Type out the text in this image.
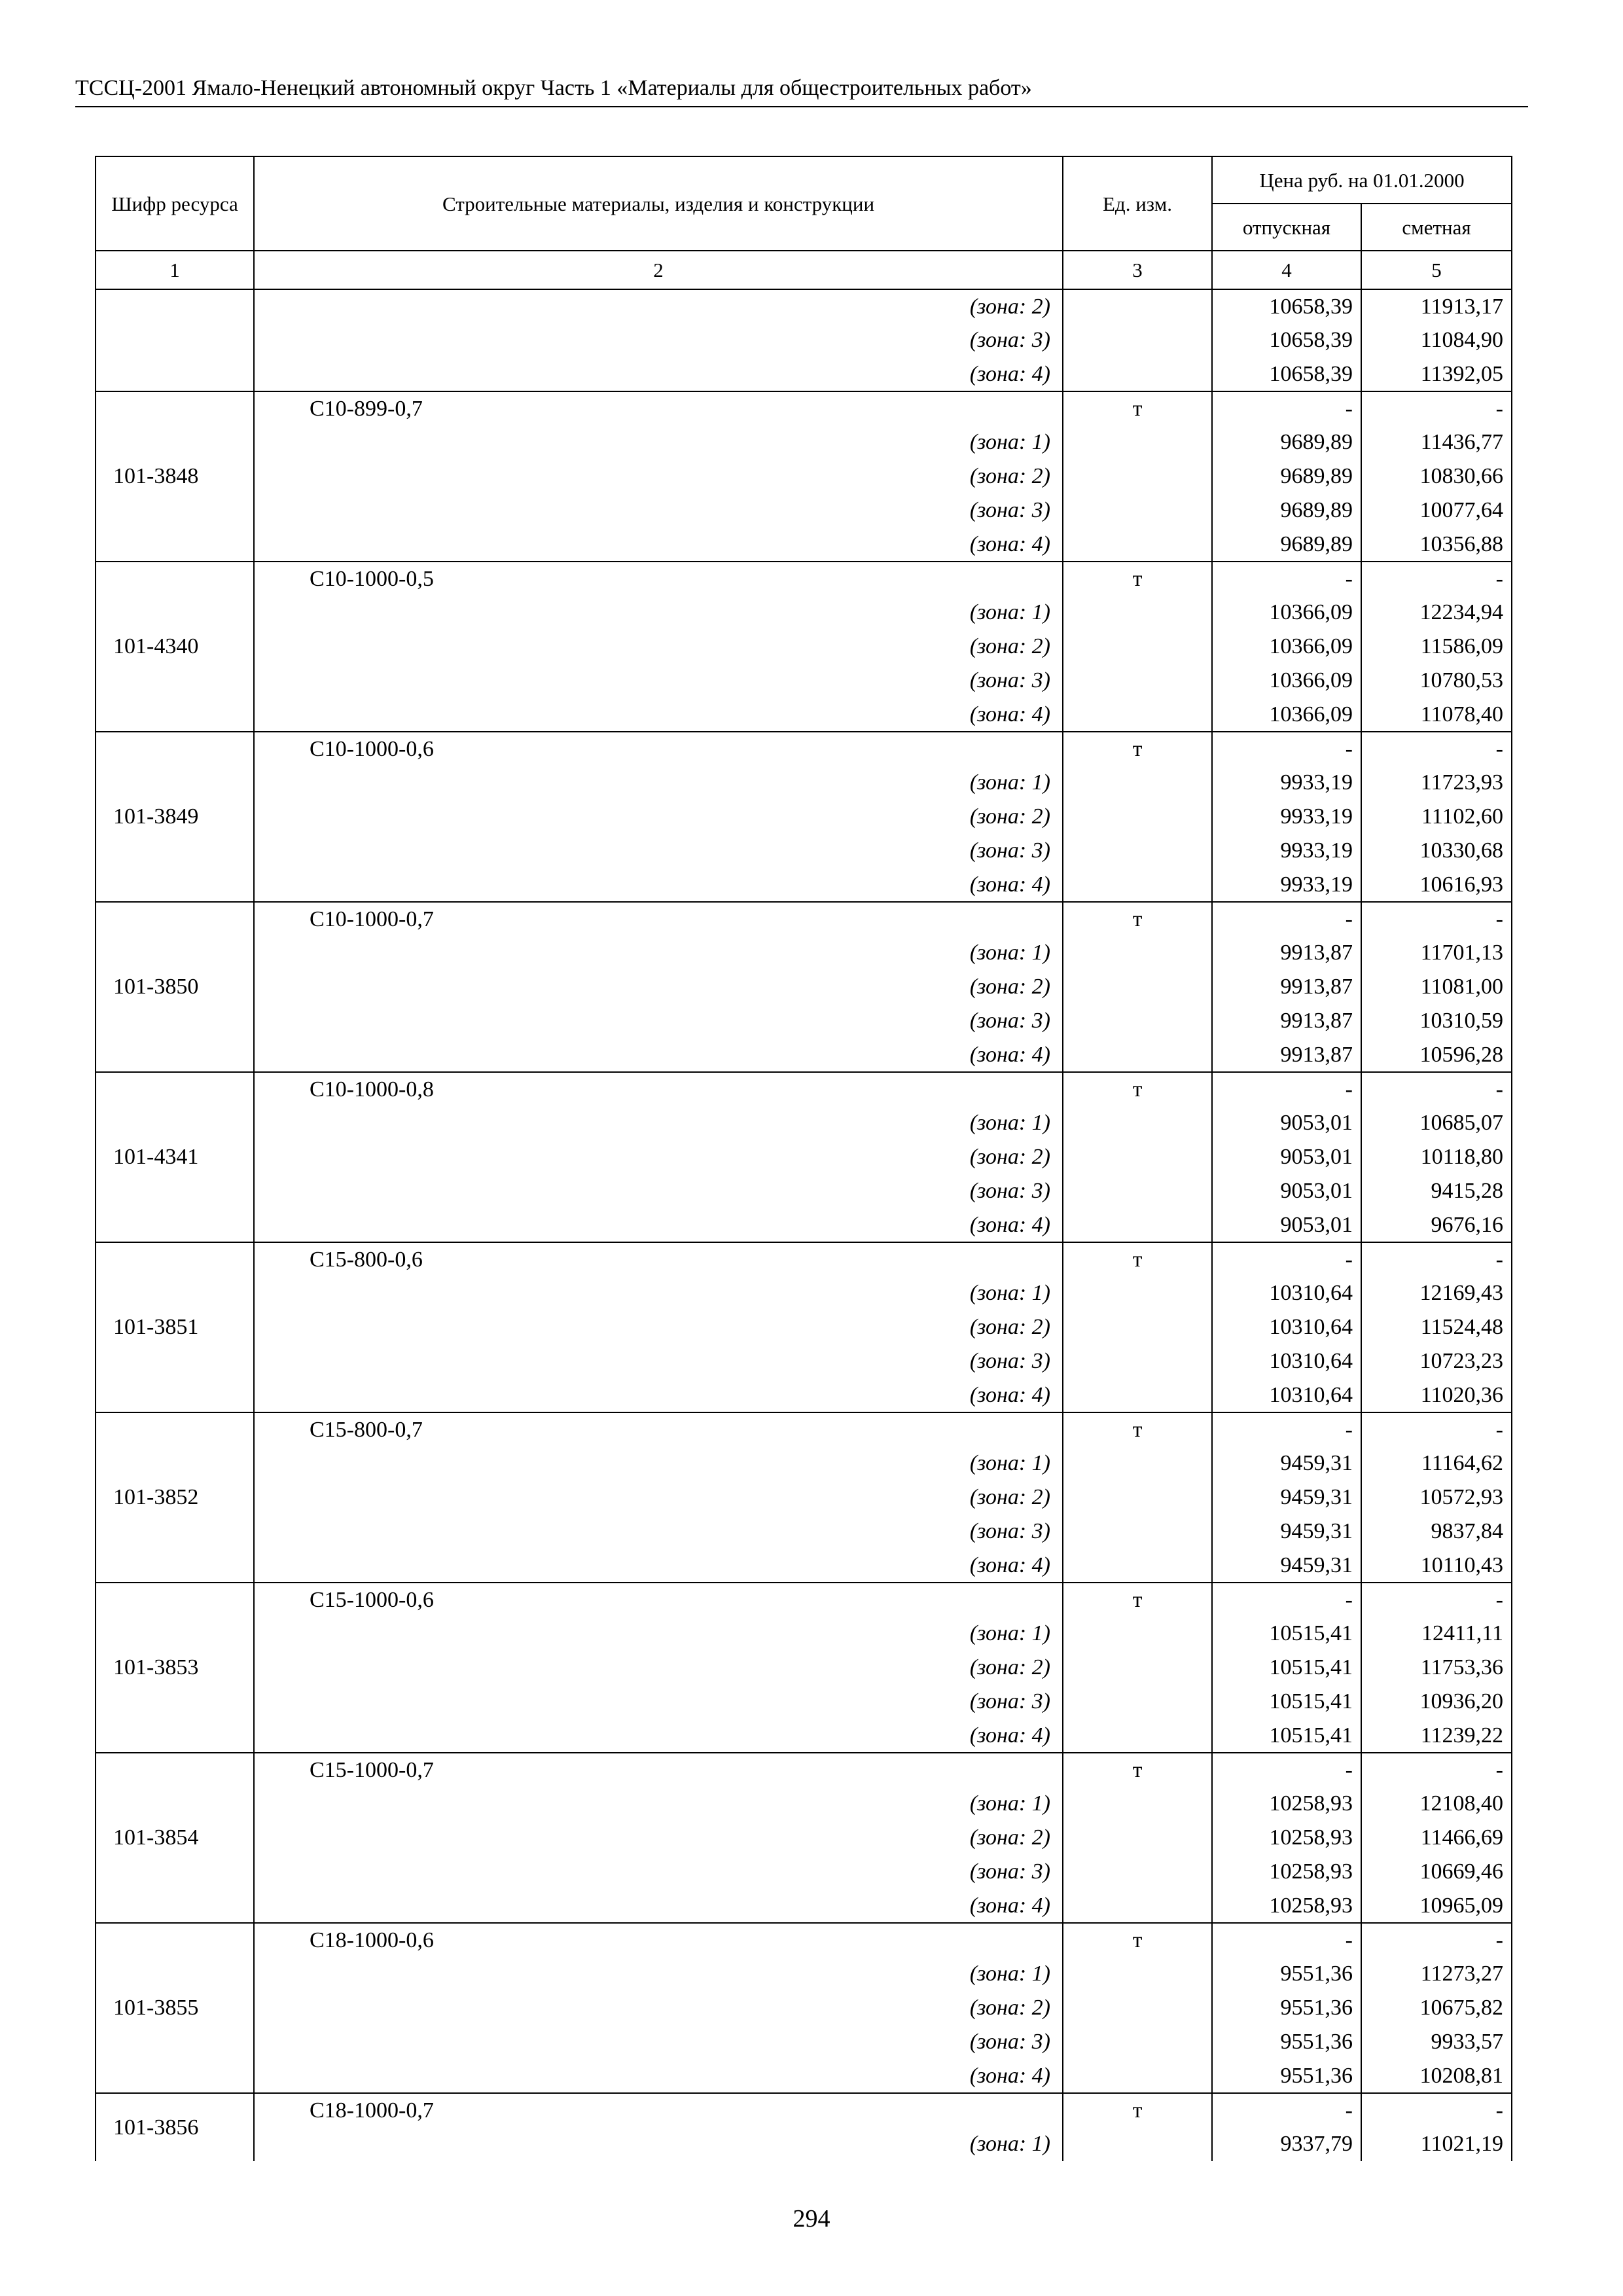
ТССЦ-2001 Ямало-Ненецкий автономный округ Часть 1 «Материалы для общестроительных работ»
Шифр ресурса	Строительные материалы, изделия и конструкции	Ед. изм.	Цена руб. на 01.01.2000	
			отпускная	сметная
1	2	3	4	5
	(зона: 2)		10658,39	11913,17
	(зона: 3)		10658,39	11084,90
	(зона: 4)		10658,39	11392,05
101-3848	С10-899-0,7	т	-	-
	(зона: 1)		9689,89	11436,77
	(зона: 2)		9689,89	10830,66
	(зона: 3)		9689,89	10077,64
	(зона: 4)		9689,89	10356,88
101-4340	С10-1000-0,5	т	-	-
	(зона: 1)		10366,09	12234,94
	(зона: 2)		10366,09	11586,09
	(зона: 3)		10366,09	10780,53
	(зона: 4)		10366,09	11078,40
101-3849	С10-1000-0,6	т	-	-
	(зона: 1)		9933,19	11723,93
	(зона: 2)		9933,19	11102,60
	(зона: 3)		9933,19	10330,68
	(зона: 4)		9933,19	10616,93
101-3850	С10-1000-0,7	т	-	-
	(зона: 1)		9913,87	11701,13
	(зона: 2)		9913,87	11081,00
	(зона: 3)		9913,87	10310,59
	(зона: 4)		9913,87	10596,28
101-4341	С10-1000-0,8	т	-	-
	(зона: 1)		9053,01	10685,07
	(зона: 2)		9053,01	10118,80
	(зона: 3)		9053,01	9415,28
	(зона: 4)		9053,01	9676,16
101-3851	С15-800-0,6	т	-	-
	(зона: 1)		10310,64	12169,43
	(зона: 2)		10310,64	11524,48
	(зона: 3)		10310,64	10723,23
	(зона: 4)		10310,64	11020,36
101-3852	С15-800-0,7	т	-	-
	(зона: 1)		9459,31	11164,62
	(зона: 2)		9459,31	10572,93
	(зона: 3)		9459,31	9837,84
	(зона: 4)		9459,31	10110,43
101-3853	С15-1000-0,6	т	-	-
	(зона: 1)		10515,41	12411,11
	(зона: 2)		10515,41	11753,36
	(зона: 3)		10515,41	10936,20
	(зона: 4)		10515,41	11239,22
101-3854	С15-1000-0,7	т	-	-
	(зона: 1)		10258,93	12108,40
	(зона: 2)		10258,93	11466,69
	(зона: 3)		10258,93	10669,46
	(зона: 4)		10258,93	10965,09
101-3855	С18-1000-0,6	т	-	-
	(зона: 1)		9551,36	11273,27
	(зона: 2)		9551,36	10675,82
	(зона: 3)		9551,36	9933,57
	(зона: 4)		9551,36	10208,81
101-3856	С18-1000-0,7	т	-	-
	(зона: 1)		9337,79	11021,19
294
